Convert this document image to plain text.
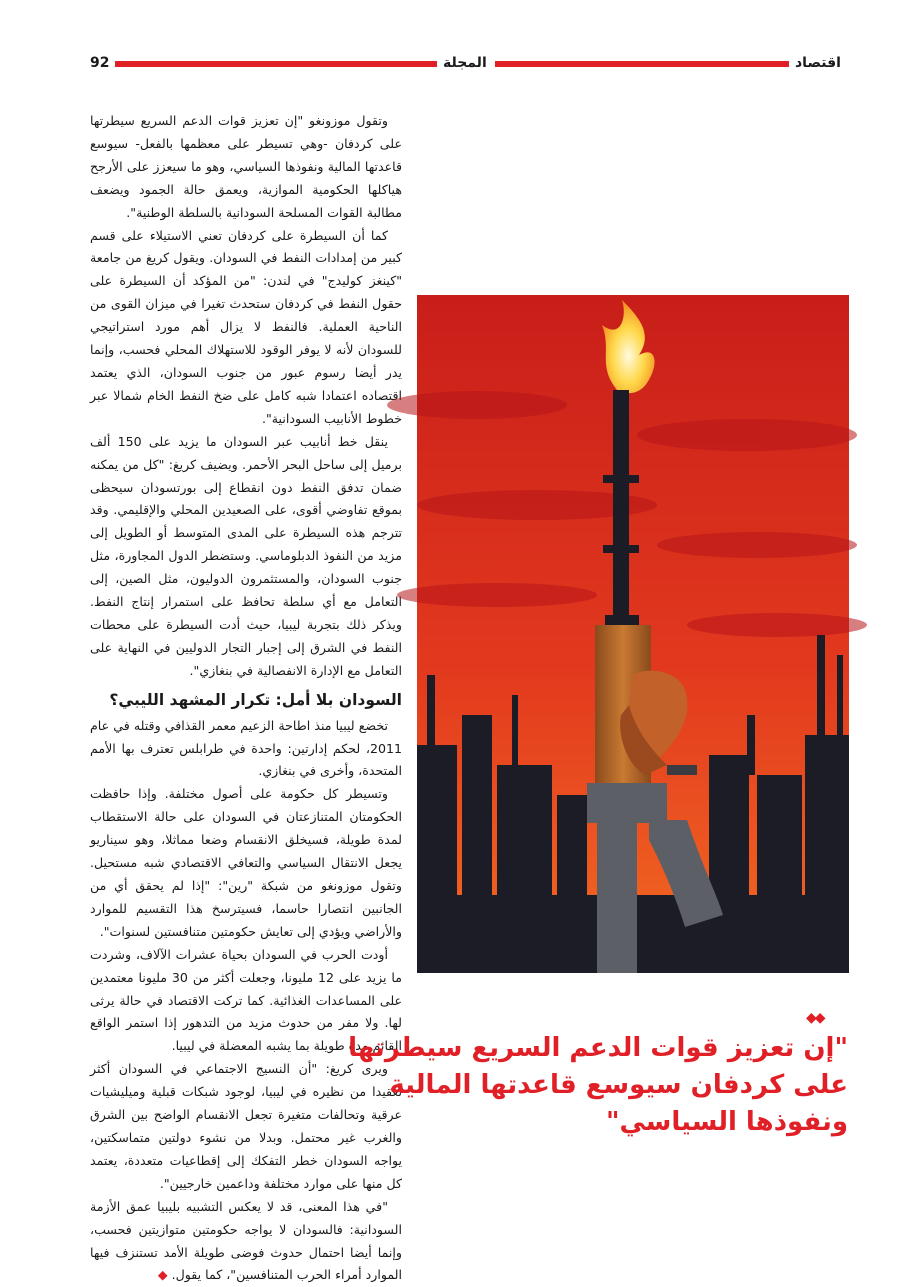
92	المجلة	اقتصاد

وتقول موزونغو "إن تعزيز قوات الدعم السريع سيطرتها على كردفان -وهي تسيطر على معظمها بالفعل- سيوسع قاعدتها المالية ونفوذها السياسي، وهو ما سيعزز على الأرجح هياكلها الحكومية الموازية، ويعمق حالة الجمود ويضعف مطالبة القوات المسلحة السودانية بالسلطة الوطنية".

كما أن السيطرة على كردفان تعني الاستيلاء على قسم كبير من إمدادات النفط في السودان. ويقول كريغ من جامعة "كينغز كوليدج" في لندن: "من المؤكد أن السيطرة على حقول النفط في كردفان ستحدث تغيرا في ميزان القوى من الناحية العملية. فالنفط لا يزال أهم مورد استراتيجي للسودان لأنه لا يوفر الوقود للاستهلاك المحلي فحسب، وإنما يدر أيضا رسوم عبور من جنوب السودان، الذي يعتمد اقتصاده اعتمادا شبه كامل على ضخ النفط الخام شمالا عبر خطوط الأنابيب السودانية".

ينقل خط أنابيب عبر السودان ما يزيد على 150 ألف برميل إلى ساحل البحر الأحمر. ويضيف كريغ: "كل من يمكنه ضمان تدفق النفط دون انقطاع إلى بورتسودان سيحظى بموقع تفاوضي أقوى، على الصعيدين المحلي والإقليمي. وقد تترجم هذه السيطرة على المدى المتوسط أو الطويل إلى مزيد من النفوذ الدبلوماسي. وستضطر الدول المجاورة، مثل جنوب السودان، والمستثمرون الدوليون، مثل الصين، إلى التعامل مع أي سلطة تحافظ على استمرار إنتاج النفط. ويذكر ذلك بتجربة ليبيا، حيث أدت السيطرة على محطات النفط في الشرق إلى إجبار التجار الدوليين في النهاية على التعامل مع الإدارة الانفصالية في بنغازي".

السودان بلا أمل: تكرار المشهد الليبي؟

تخضع ليبيا منذ اطاحة الزعيم معمر القذافي وقتله في عام 2011، لحكم إدارتين: واحدة في طرابلس تعترف بها الأمم المتحدة، وأخرى في بنغازي.

وتسيطر كل حكومة على أصول مختلفة. وإذا حافظت الحكومتان المتنازعتان في السودان على حالة الاستقطاب لمدة طويلة، فسيخلق الانقسام وضعا مماثلا، وهو سيناريو يجعل الانتقال السياسي والتعافي الاقتصادي شبه مستحيل. وتقول موزونغو من شبكة "رين": "إذا لم يحقق أي من الجانبين انتصارا حاسما، فسيترسخ هذا التقسيم للموارد والأراضي ويؤدي إلى تعايش حكومتين متنافستين لسنوات".

أودت الحرب في السودان بحياة عشرات الآلاف، وشردت ما يزيد على 12 مليونا، وجعلت أكثر من 30 مليونا معتمدين على المساعدات الغذائية. كما تركت الاقتصاد في حالة يرثى لها. ولا مفر من حدوث مزيد من التدهور إذا استمر الواقع القائم مدة طويلة بما يشبه المعضلة في ليبيا.

ويرى كريغ: "أن النسيج الاجتماعي في السودان أكثر تعقيدا من نظيره في ليبيا، لوجود شبكات قبلية وميليشيات عرقية وتحالفات متغيرة تجعل الانقسام الواضح بين الشرق والغرب غير محتمل. وبدلا من نشوء دولتين متماسكتين، يواجه السودان خطر التفكك إلى إقطاعيات متعددة، يعتمد كل منها على موارد مختلفة وداعمين خارجيين".

"في هذا المعنى، قد لا يعكس التشبيه بليبيا عمق الأزمة السودانية: فالسودان لا يواجه حكومتين متوازيتين فحسب، وإنما أيضا احتمال حدوث فوضى طويلة الأمد تستنزف فيها الموارد أمراء الحرب المتنافسين"، كما يقول. ◆

◆◆
"إن تعزيز قوات الدعم السريع سيطرتها
على كردفان سيوسع قاعدتها المالية
ونفوذها السياسي"
